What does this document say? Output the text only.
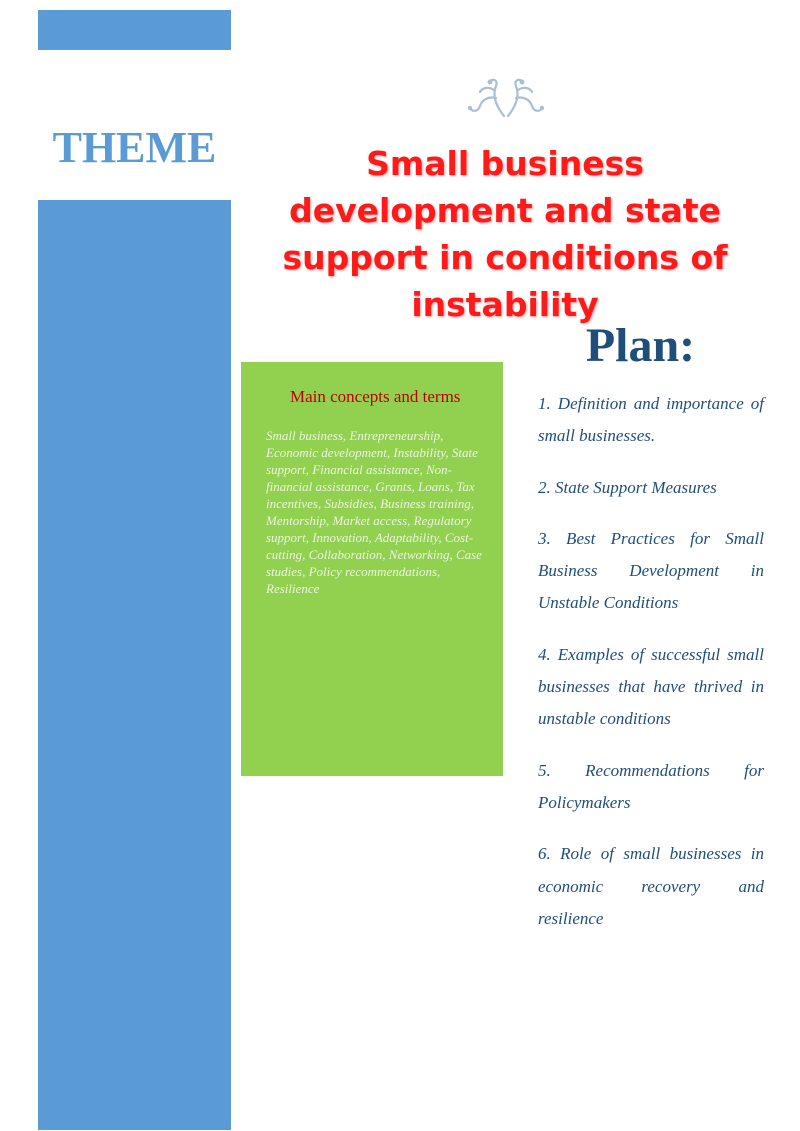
THEME	Small business development and state support in conditions of instability
Main concepts and terms
Small business, Entrepreneurship, Economic development, Instability, State support, Financial assistance, Non-financial assistance, Grants, Loans, Tax incentives, Subsidies, Business training, Mentorship, Market access, Regulatory support, Innovation, Adaptability, Cost-cutting, Collaboration, Networking, Case studies, Policy recommendations, Resilience
Plan:
1. Definition and importance of small businesses.
2. State Support Measures
3. Best Practices for Small Business Development in Unstable Conditions
4. Examples of successful small businesses that have thrived in unstable conditions
5. Recommendations for Policymakers
6. Role of small businesses in economic recovery and resilience
